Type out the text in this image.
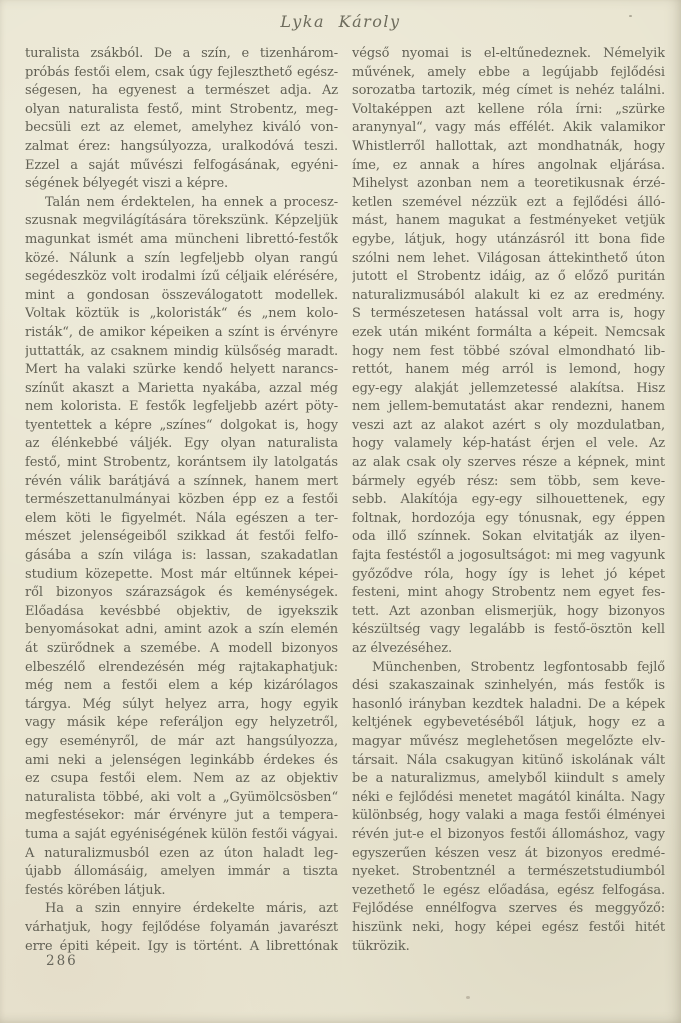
Lyka Károly
turalista zsákból. De a szín, e tizenhárom-
próbás festői elem, csak úgy fejleszthető egész-
ségesen, ha egyenest a természet adja. Az
olyan naturalista festő, mint Strobentz, meg-
becsüli ezt az elemet, amelyhez kiváló von-
zalmat érez: hangsúlyozza, uralkodóvá teszi.
Ezzel a saját művészi felfogásának, egyéni-
ségének bélyegét viszi a képre.
Talán nem érdektelen, ha ennek a procesz-
szusnak megvilágítására törekszünk. Képzeljük
magunkat ismét ama müncheni librettó-festők
közé. Nálunk a szín legfeljebb olyan rangú
segédeszköz volt irodalmi ízű céljaik elérésére,
mint a gondosan összeválogatott modellek.
Voltak köztük is „koloristák“ és „nem kolo-
risták“, de amikor képeiken a színt is érvényre
juttatták, az csaknem mindig külsőség maradt.
Mert ha valaki szürke kendő helyett narancs-
színűt akaszt a Marietta nyakába, azzal még
nem kolorista. E festők legfeljebb azért pöty-
tyentettek a képre „színes“ dolgokat is, hogy
az élénkebbé váljék. Egy olyan naturalista
festő, mint Strobentz, korántsem ily latolgatás
révén válik barátjává a színnek, hanem mert
természettanulmányai közben épp ez a festői
elem köti le figyelmét. Nála egészen a ter-
mészet jelenségeiből szikkad át festői felfo-
gásába a szín világa is: lassan, szakadatlan
studium közepette. Most már eltűnnek képei-
ről bizonyos szárazságok és keménységek.
Előadása kevésbbé objektiv, de igyekszik
benyomásokat adni, amint azok a szín elemén
át szürődnek a szemébe. A modell bizonyos
elbeszélő elrendezésén még rajtakaphatjuk:
még nem a festői elem a kép kizárólagos
tárgya. Még súlyt helyez arra, hogy egyik
vagy másik képe referáljon egy helyzetről,
egy eseményről, de már azt hangsúlyozza,
ami neki a jelenségen leginkább érdekes és
ez csupa festői elem. Nem az az objektiv
naturalista többé, aki volt a „Gyümölcsösben“
megfestésekor: már érvényre jut a tempera-
tuma a saját egyéniségének külön festői vágyai.
A naturalizmusból ezen az úton haladt leg-
újabb állomásáig, amelyen immár a tiszta
festés körében látjuk.
Ha a szin ennyire érdekelte máris, azt
várhatjuk, hogy fejlődése folyamán javarészt
erre épiti képeit. Igy is történt. A librettónak
végső nyomai is el-eltűnedeznek. Némelyik
művének, amely ebbe a legújabb fejlődési
sorozatba tartozik, még címet is nehéz találni.
Voltaképpen azt kellene róla írni: „szürke
aranynyal“, vagy más effélét. Akik valamikor
Whistlerről hallottak, azt mondhatnák, hogy
íme, ez annak a híres angolnak eljárása.
Mihelyst azonban nem a teoretikusnak érzé-
ketlen szemével nézzük ezt a fejlődési álló-
mást, hanem magukat a festményeket vetjük
egybe, látjuk, hogy utánzásról itt bona fide
szólni nem lehet. Világosan áttekinthető úton
jutott el Strobentz idáig, az ő előző puritán
naturalizmusából alakult ki ez az eredmény.
S természetesen hatással volt arra is, hogy
ezek után miként formálta a képeit. Nemcsak
hogy nem fest többé szóval elmondható lib-
rettót, hanem még arról is lemond, hogy
egy-egy alakját jellemzetessé alakítsa. Hisz
nem jellem-bemutatást akar rendezni, hanem
veszi azt az alakot azért s oly mozdulatban,
hogy valamely kép-hatást érjen el vele. Az
az alak csak oly szerves része a képnek, mint
bármely egyéb rész: sem több, sem keve-
sebb. Alakítója egy-egy silhouettenek, egy
foltnak, hordozója egy tónusnak, egy éppen
oda illő színnek. Sokan elvitatják az ilyen-
fajta festéstől a jogosultságot: mi meg vagyunk
győződve róla, hogy így is lehet jó képet
festeni, mint ahogy Strobentz nem egyet fes-
tett. Azt azonban elismerjük, hogy bizonyos
készültség vagy legalább is festő-ösztön kell
az élvezéséhez.
Münchenben, Strobentz legfontosabb fejlő
dési szakaszainak szinhelyén, más festők is
hasonló irányban kezdtek haladni. De a képek
keltjének egybevetéséből látjuk, hogy ez a
magyar művész meglehetősen megelőzte elv-
társait. Nála csakugyan kitünő iskolának vált
be a naturalizmus, amelyből kiindult s amely
néki e fejlődési menetet magától kinálta. Nagy
különbség, hogy valaki a maga festői élményei
révén jut-e el bizonyos festői állomáshoz, vagy
egyszerűen készen vesz át bizonyos eredmé-
nyeket. Strobentznél a természetstudiumból
vezethető le egész előadása, egész felfogása.
Fejlődése ennélfogva szerves és meggyőző:
hiszünk neki, hogy képei egész festői hitét
tükrözik.
286
